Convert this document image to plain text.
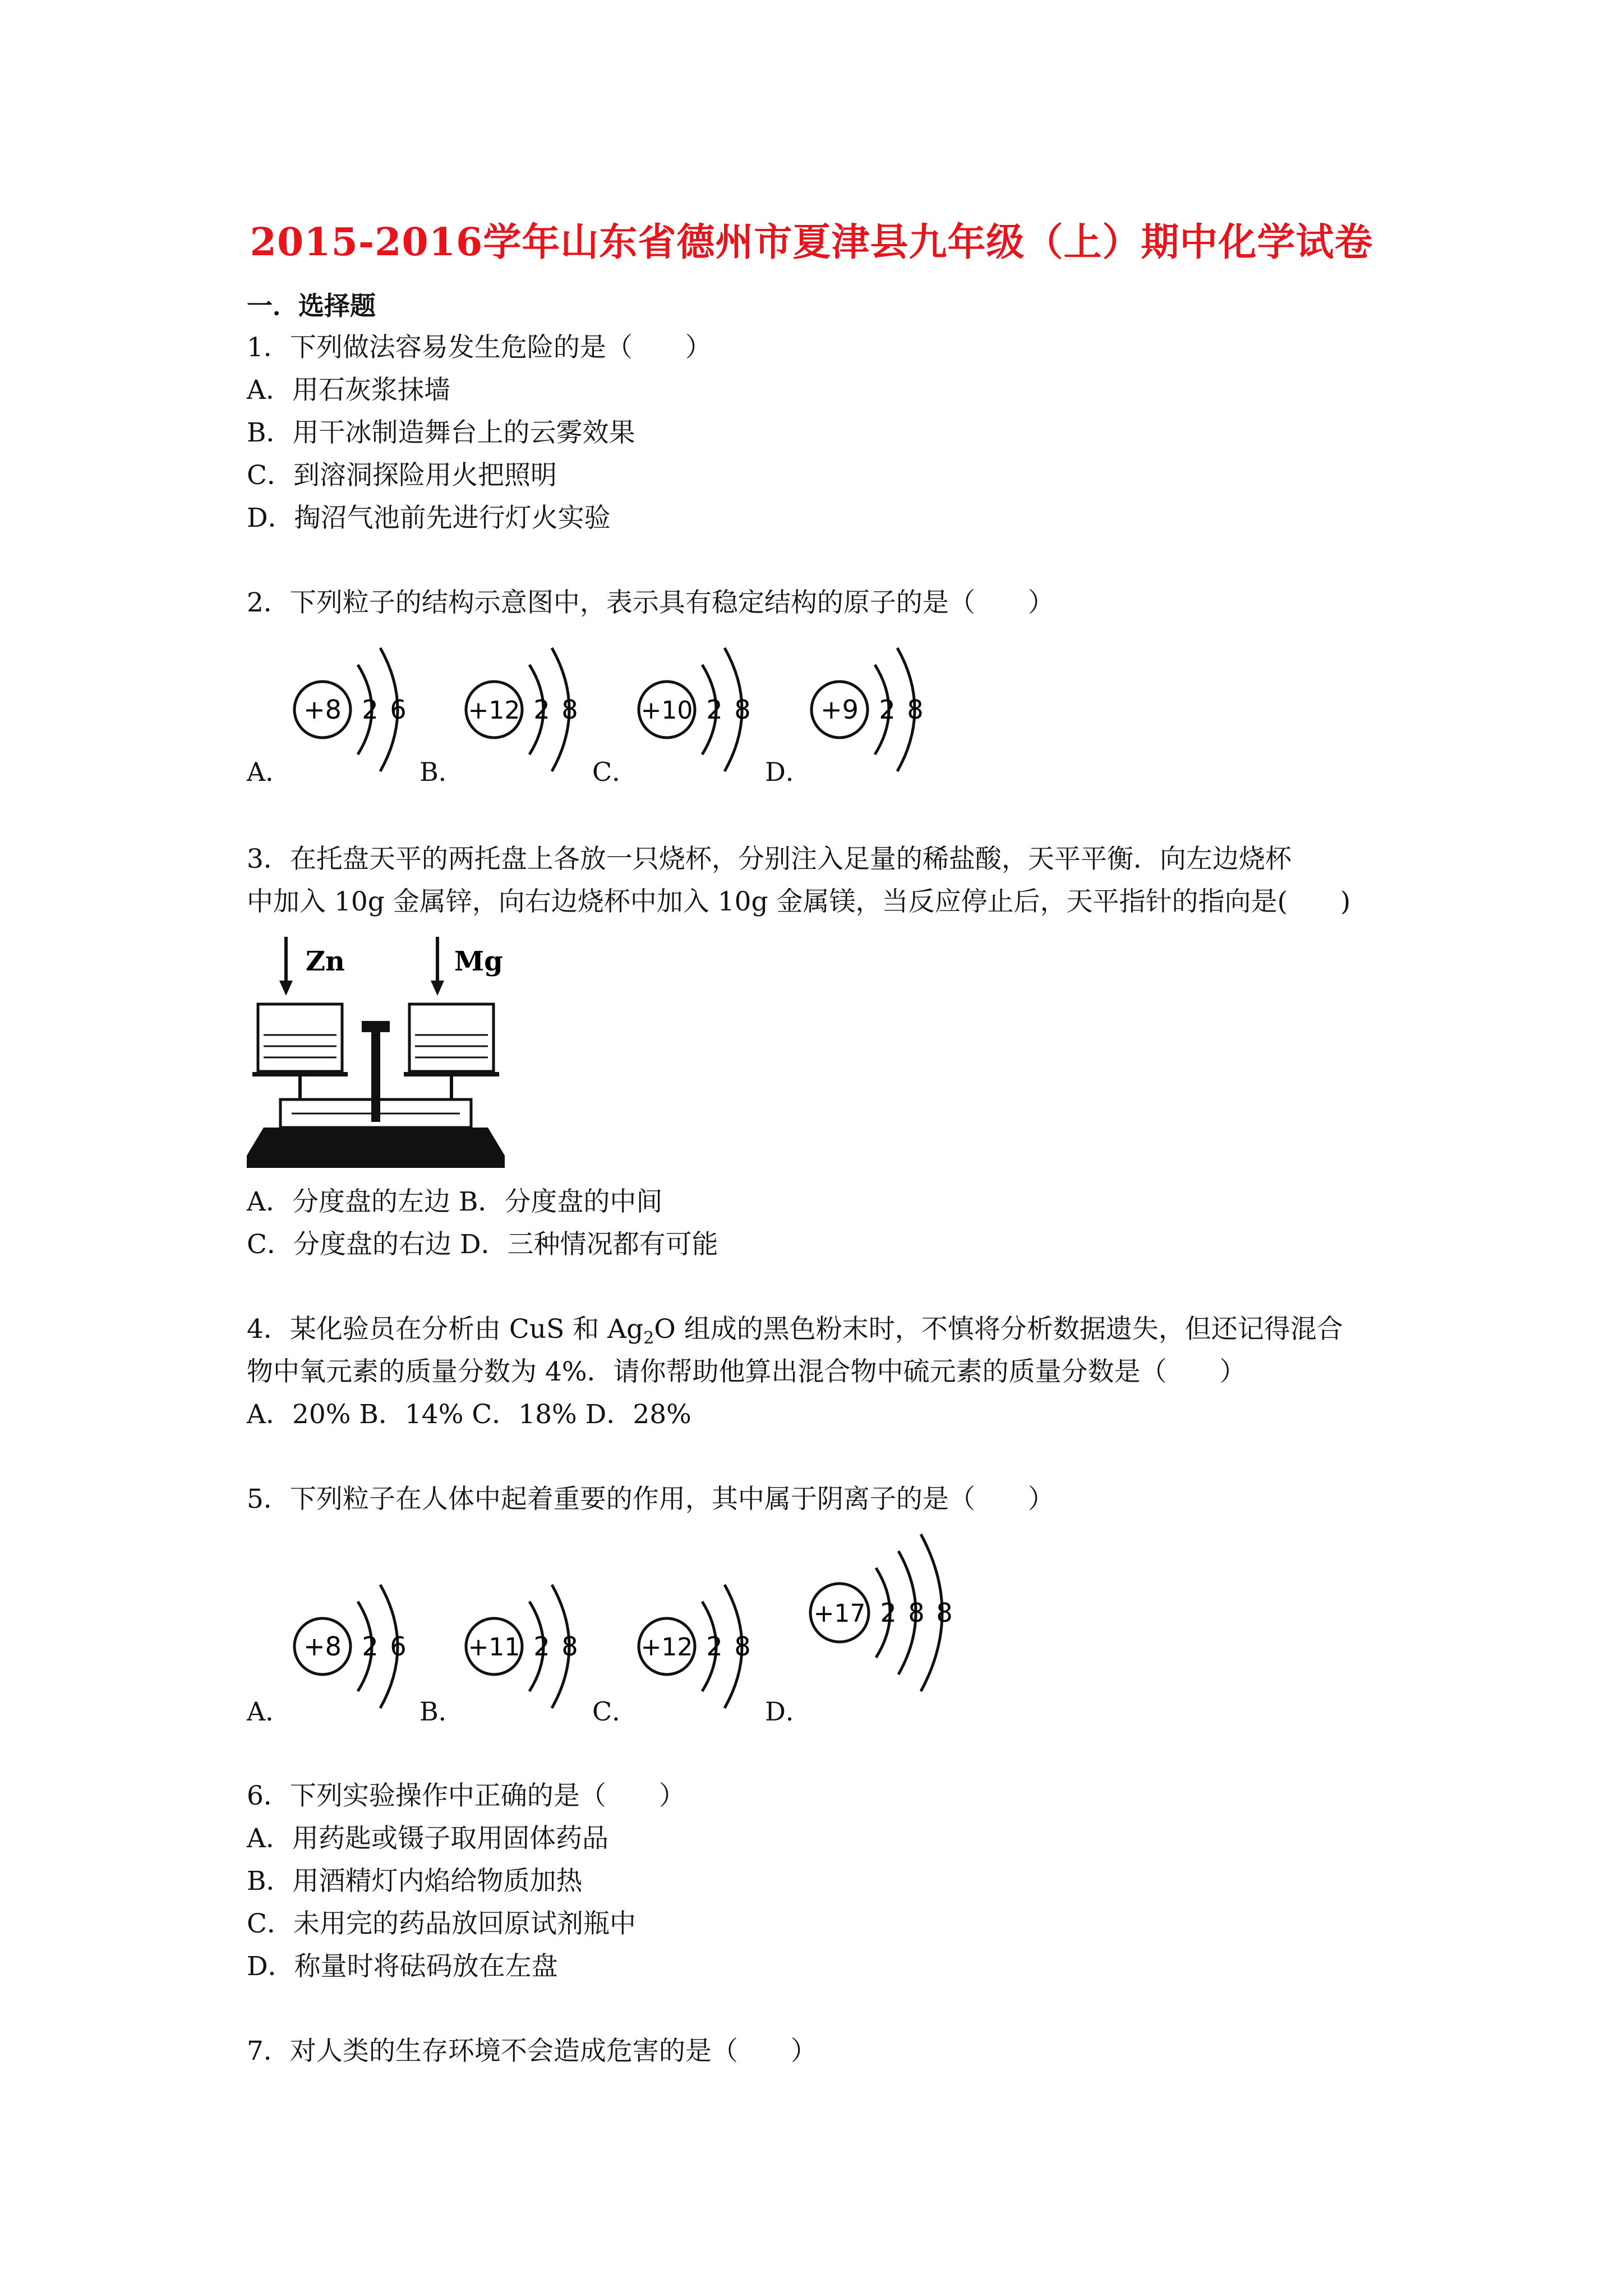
2015-2016学年山东省德州市夏津县九年级（上）期中化学试卷
一．选择题
1．下列做法容易发生危险的是（　　）
A．用石灰浆抹墙
B．用干冰制造舞台上的云雾效果
C．到溶洞探险用火把照明
D．掏沼气池前先进行灯火实验
2．下列粒子的结构示意图中，表示具有稳定结构的原子的是（　　）
A．	B．	C．	D．
+8 2 6 +12 2 8	+10 2 8	+9 2 8
3．在托盘天平的两托盘上各放一只烧杯，分别注入足量的稀盐酸，天平平衡．向左边烧杯
中加入 10g 金属锌，向右边烧杯中加入 10g 金属镁，当反应停止后，天平指针的指向是(　　)
Zn	Mg
A．分度盘的左边 B．分度盘的中间
C．分度盘的右边 D．三种情况都有可能
4．某化验员在分析由 CuS 和 $Ag_2O$ 组成的黑色粉末时，不慎将分析数据遗失，但还记得混合
物中氧元素的质量分数为 4%．请你帮助他算出混合物中硫元素的质量分数是（　　）
A．20% B．14% C．18% D．28%
5．下列粒子在人体中起着重要的作用，其中属于阴离子的是（　　）
A．	B．	C．	D．
+8 2 6 +11 2 8	+12 2 8
+17 2 8 8
6．下列实验操作中正确的是（　　）
A．用药匙或镊子取用固体药品
B．用酒精灯内焰给物质加热
C．未用完的药品放回原试剂瓶中
D．称量时将砝码放在左盘
7．对人类的生存环境不会造成危害的是（　　）
